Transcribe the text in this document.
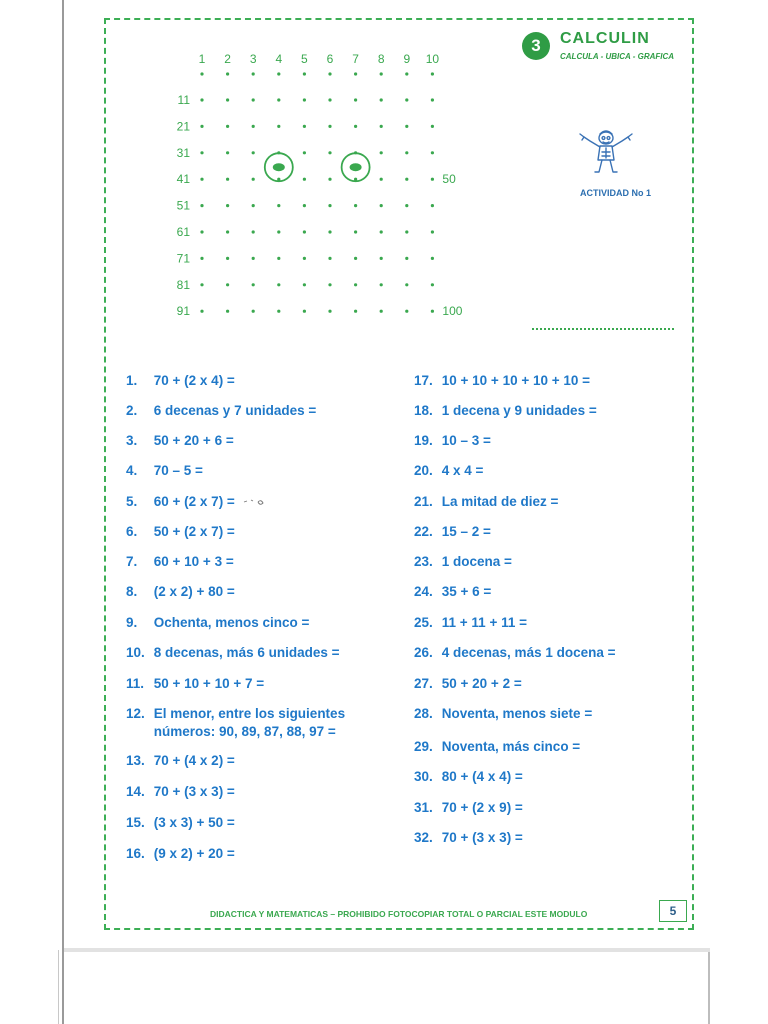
1 2 3 4 5 6 7 8 9 10
11
21
31
41
51
61
71
81
91
50
100
3	CALCULIN
CALCULA - UBICA - GRAFICA
ACTIVIDAD No 1
1. 70 + (2 x 4) =
2. 6 decenas y 7 unidades =
3. 50 + 20 + 6 =
4. 70 – 5 =
5. 60 + (2 x 7) =
6. 50 + (2 x 7) =
7. 60 + 10 + 3 =
8. (2 x 2) + 80 =
9. Ochenta, menos cinco =
10. 8 decenas, más 6 unidades =
11. 50 + 10 + 10 + 7 =
12. El menor, entre los siguientes números: 90, 89, 87, 88, 97 =
13. 70 + (4 x 2) =
14. 70 + (3 x 3) =
15. (3 x 3) + 50 =
16. (9 x 2) + 20 =
17. 10 + 10 + 10 + 10 + 10 =
18. 1 decena y 9 unidades =
19. 10 – 3 =
20. 4 x 4 =
21. La mitad de diez =
22. 15 – 2 =
23. 1 docena =
24. 35 + 6 =
25. 11 + 11 + 11 =
26. 4 decenas, más 1 docena =
27. 50 + 20 + 2 =
28. Noventa, menos siete =
29. Noventa, más cinco =
30. 80 + (4 x 4) =
31. 70 + (2 x 9) =
32. 70 + (3 x 3) =
DIDACTICA Y MATEMATICAS – PROHIBIDO FOTOCOPIAR TOTAL O PARCIAL ESTE MODULO	5
